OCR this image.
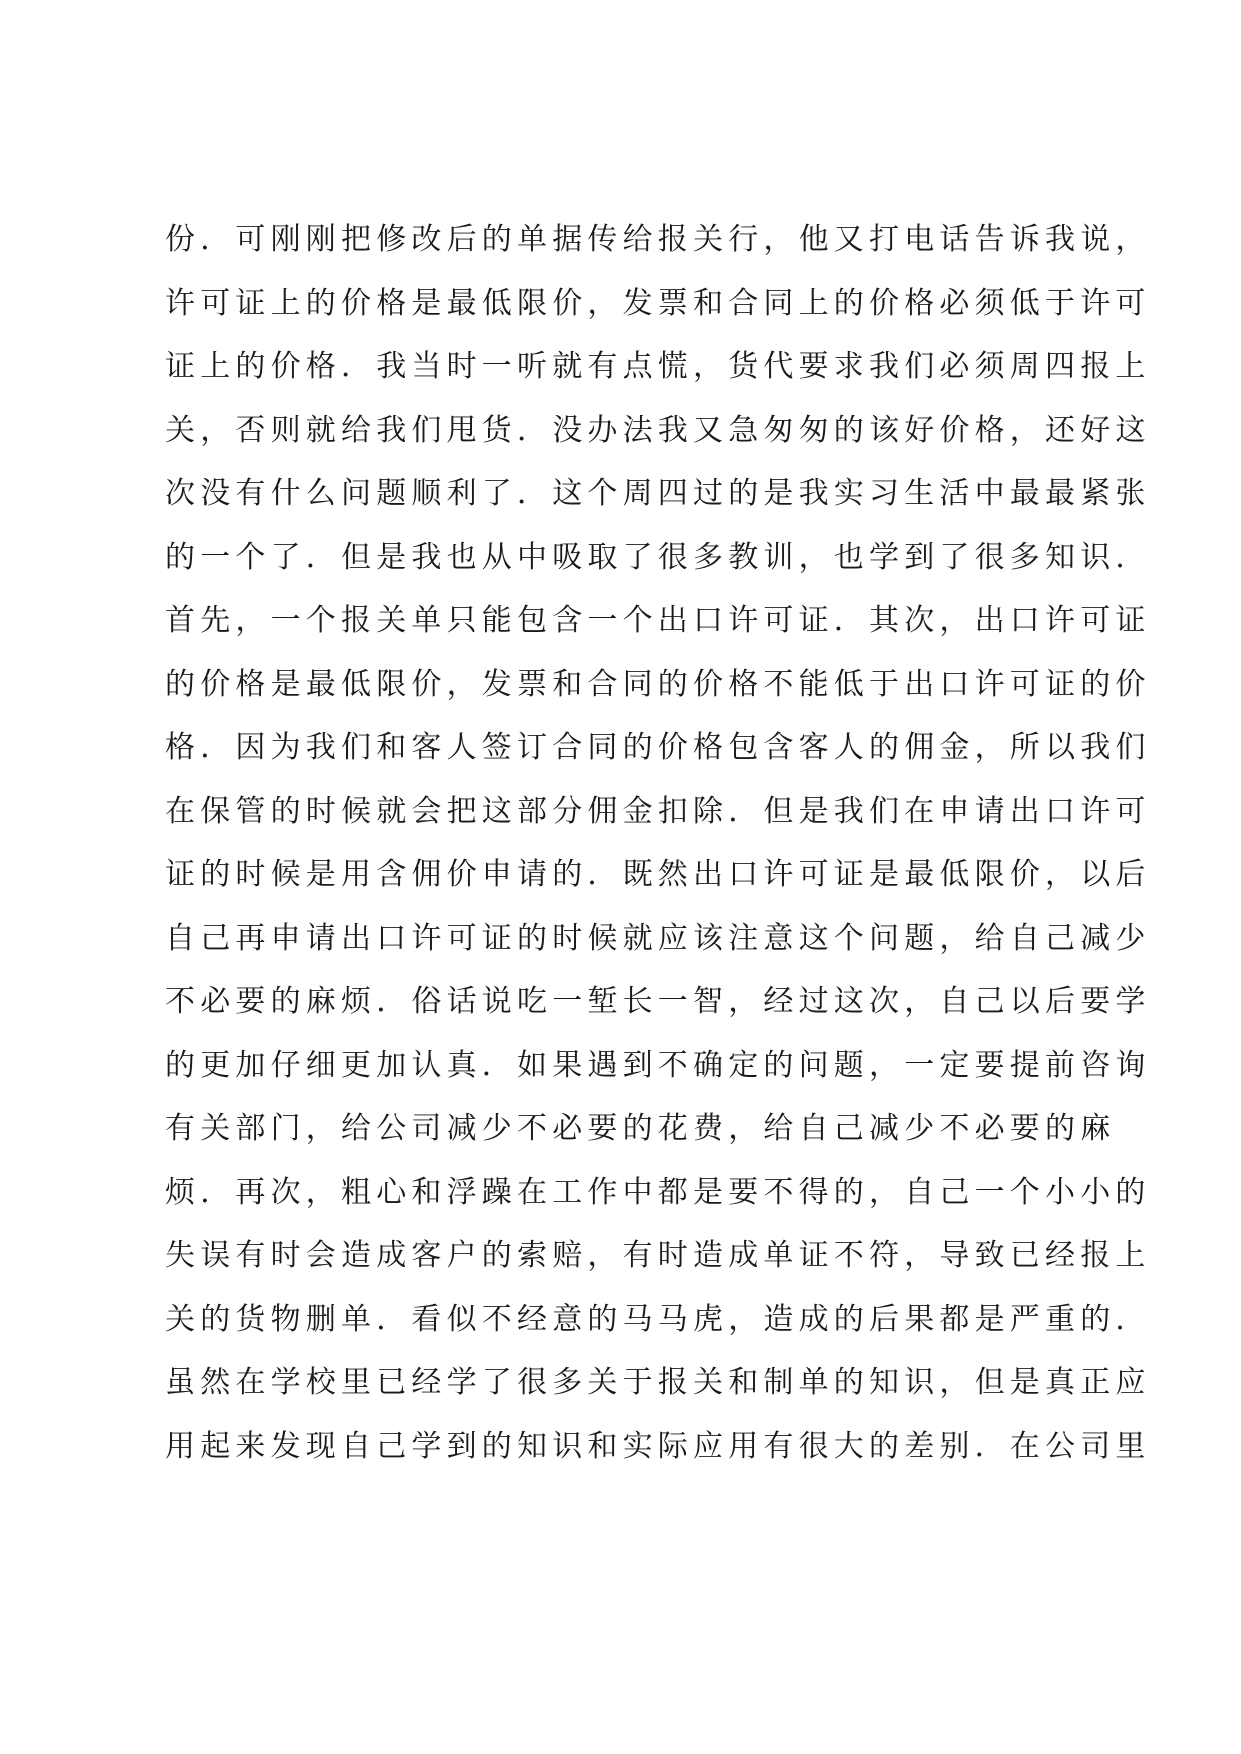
份．可刚刚把修改后的单据传给报关行，他又打电话告诉我说，
许可证上的价格是最低限价，发票和合同上的价格必须低于许可
证上的价格．我当时一听就有点慌，货代要求我们必须周四报上
关，否则就给我们甩货．没办法我又急匆匆的该好价格，还好这
次没有什么问题顺利了．这个周四过的是我实习生活中最最紧张
的一个了．但是我也从中吸取了很多教训，也学到了很多知识．
首先，一个报关单只能包含一个出口许可证．其次，出口许可证
的价格是最低限价，发票和合同的价格不能低于出口许可证的价
格．因为我们和客人签订合同的价格包含客人的佣金，所以我们
在保管的时候就会把这部分佣金扣除．但是我们在申请出口许可
证的时候是用含佣价申请的．既然出口许可证是最低限价，以后
自己再申请出口许可证的时候就应该注意这个问题，给自己减少
不必要的麻烦．俗话说吃一堑长一智，经过这次，自己以后要学
的更加仔细更加认真．如果遇到不确定的问题，一定要提前咨询
有关部门，给公司减少不必要的花费，给自己减少不必要的麻
烦．再次，粗心和浮躁在工作中都是要不得的，自己一个小小的
失误有时会造成客户的索赔，有时造成单证不符，导致已经报上
关的货物删单．看似不经意的马马虎，造成的后果都是严重的．
虽然在学校里已经学了很多关于报关和制单的知识，但是真正应
用起来发现自己学到的知识和实际应用有很大的差别．在公司里
